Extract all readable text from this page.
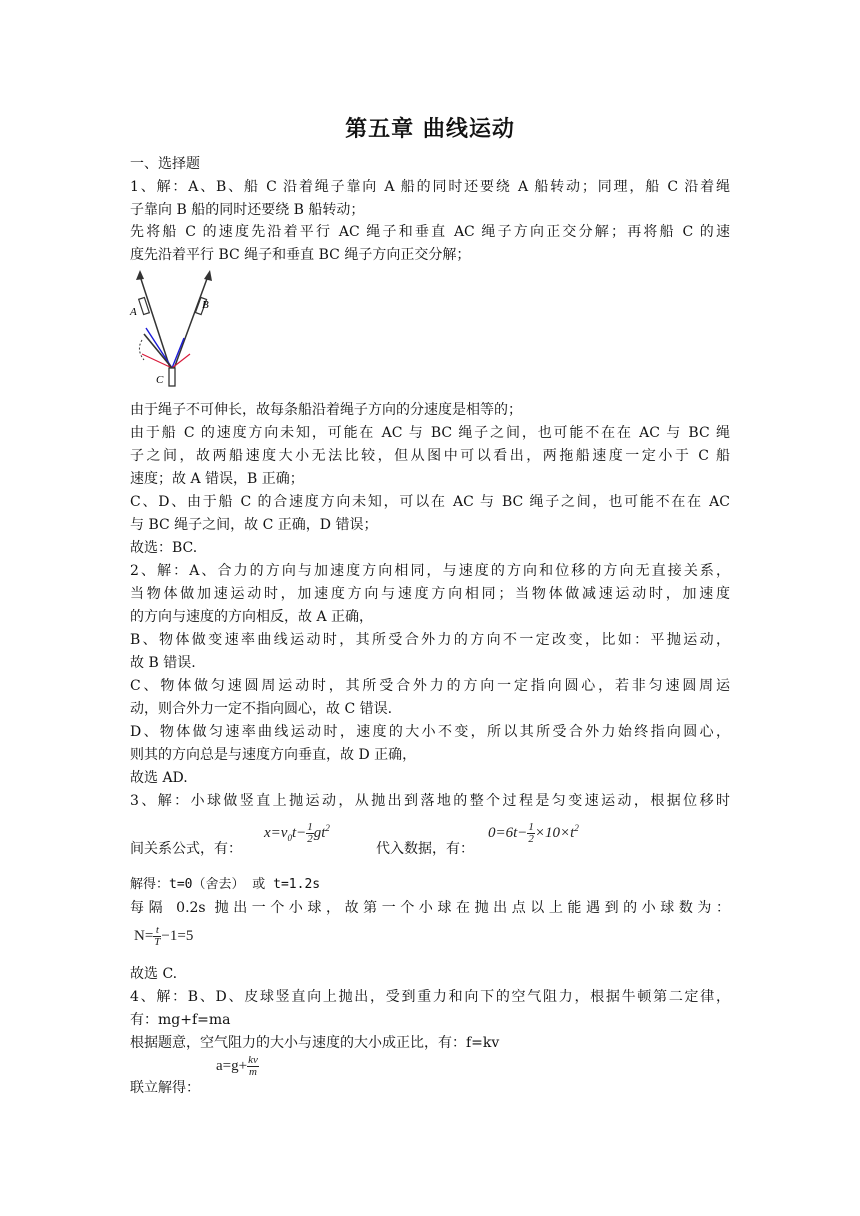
第五章 曲线运动
一、选择题
1、解：A、B、船 C 沿着绳子靠向 A 船的同时还要绕 A 船转动；同理，船 C 沿着绳
子靠向 B 船的同时还要绕 B 船转动；
先将船 C 的速度先沿着平行 AC 绳子和垂直 AC 绳子方向正交分解；再将船 C 的速
度先沿着平行 BC 绳子和垂直 BC 绳子方向正交分解；
A
B
C
由于绳子不可伸长，故每条船沿着绳子方向的分速度是相等的；
由于船 C 的速度方向未知，可能在 AC 与 BC 绳子之间，也可能不在在 AC 与 BC 绳
子之间，故两船速度大小无法比较，但从图中可以看出，两拖船速度一定小于 C 船
速度；故 A 错误，B 正确；
C、D、由于船 C 的合速度方向未知，可以在 AC 与 BC 绳子之间，也可能不在在 AC
与 BC 绳子之间，故 C 正确，D 错误；
故选：BC.
2、解：A、合力的方向与加速度方向相同，与速度的方向和位移的方向无直接关系，
当物体做加速运动时，加速度方向与速度方向相同；当物体做减速运动时，加速度
的方向与速度的方向相反，故 A 正确，
B、物体做变速率曲线运动时，其所受合外力的方向不一定改变，比如：平抛运动，
故 B 错误.
C、物体做匀速圆周运动时，其所受合外力的方向一定指向圆心，若非匀速圆周运
动，则合外力一定不指向圆心，故 C 错误.
D、物体做匀速率曲线运动时，速度的大小不变，所以其所受合外力始终指向圆心，
则其的方向总是与速度方向垂直，故 D 正确，
故选 AD.
3、解：小球做竖直上抛运动，从抛出到落地的整个过程是匀变速运动，根据位移时
间关系公式，有：
$x=v_0t- \frac{1}{2} gt^2$
代入数据，有：
$0=6t- \frac{1}{2} \times 10\times t^2$
解得：t=0（舍去） 或 t=1.2s
每隔 0.2s 抛出一个小球，故第一个小球在抛出点以上能遇到的小球数为：
$N= \frac{t}{T} -1=5$
故选 C.
4、解：B、D、皮球竖直向上抛出，受到重力和向下的空气阻力，根据牛顿第二定律，
有：mg+f=ma
根据题意，空气阻力的大小与速度的大小成正比，有：f=kv
$a=g+ \frac{kv}{m}$
联立解得：
